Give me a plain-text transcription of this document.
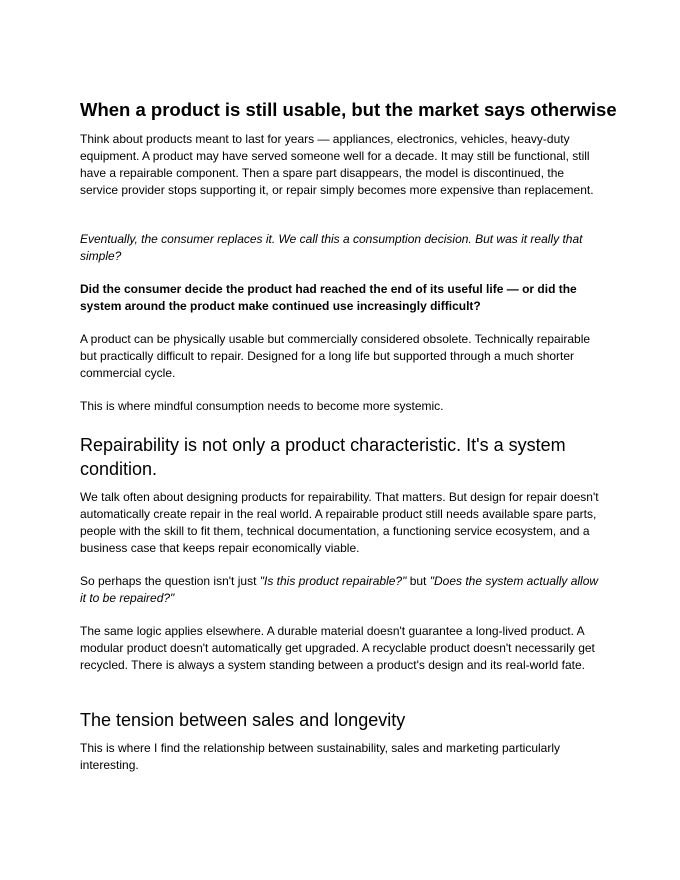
When a product is still usable, but the market says otherwise

Think about products meant to last for years — appliances, electronics, vehicles, heavy-duty equipment. A product may have served someone well for a decade. It may still be functional, still have a repairable component. Then a spare part disappears, the model is discontinued, the service provider stops supporting it, or repair simply becomes more expensive than replacement.

Eventually, the consumer replaces it. We call this a consumption decision. But was it really that simple?

Did the consumer decide the product had reached the end of its useful life — or did the system around the product make continued use increasingly difficult?

A product can be physically usable but commercially considered obsolete. Technically repairable but practically difficult to repair. Designed for a long life but supported through a much shorter commercial cycle.

This is where mindful consumption needs to become more systemic.

Repairability is not only a product characteristic. It's a system condition.

We talk often about designing products for repairability. That matters. But design for repair doesn't automatically create repair in the real world. A repairable product still needs available spare parts, people with the skill to fit them, technical documentation, a functioning service ecosystem, and a business case that keeps repair economically viable.

So perhaps the question isn't just "Is this product repairable?" but "Does the system actually allow it to be repaired?"

The same logic applies elsewhere. A durable material doesn't guarantee a long-lived product. A modular product doesn't automatically get upgraded. A recyclable product doesn't necessarily get recycled. There is always a system standing between a product's design and its real-world fate.

The tension between sales and longevity

This is where I find the relationship between sustainability, sales and marketing particularly interesting.
